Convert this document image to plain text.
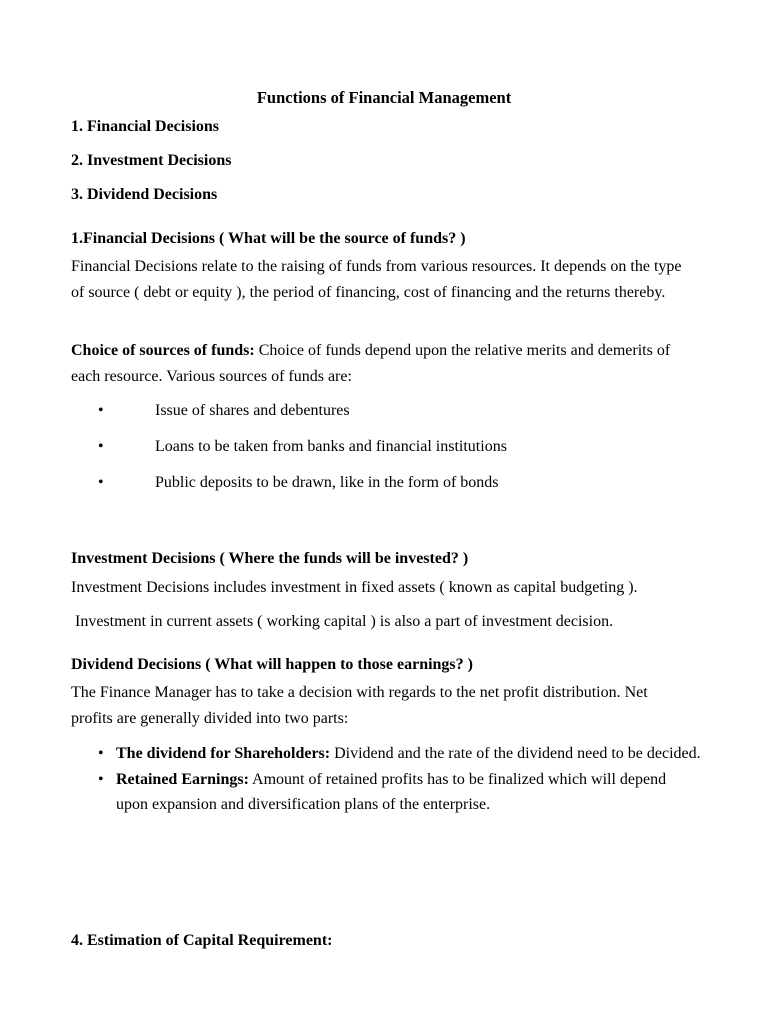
Functions of Financial Management
1. Financial Decisions
2. Investment Decisions
3. Dividend Decisions
1.Financial Decisions ( What will be the source of funds? )
Financial Decisions relate to the raising of funds from various resources. It depends on the type of source ( debt or equity ), the period of financing, cost of financing and the returns thereby.
Choice of sources of funds: Choice of funds depend upon the relative merits and demerits of each resource. Various sources of funds are:
•	Issue of shares and debentures
•	Loans to be taken from banks and financial institutions
•	Public deposits to be drawn, like in the form of bonds
Investment Decisions ( Where the funds will be invested? )
Investment Decisions includes investment in fixed assets ( known as capital budgeting ).
Investment in current assets ( working capital ) is also a part of investment decision.
Dividend Decisions ( What will happen to those earnings? )
The Finance Manager has to take a decision with regards to the net profit distribution. Net profits are generally divided into two parts:
• The dividend for Shareholders: Dividend and the rate of the dividend need to be decided.
• Retained Earnings: Amount of retained profits has to be finalized which will depend upon expansion and diversification plans of the enterprise.
4. Estimation of Capital Requirement:
